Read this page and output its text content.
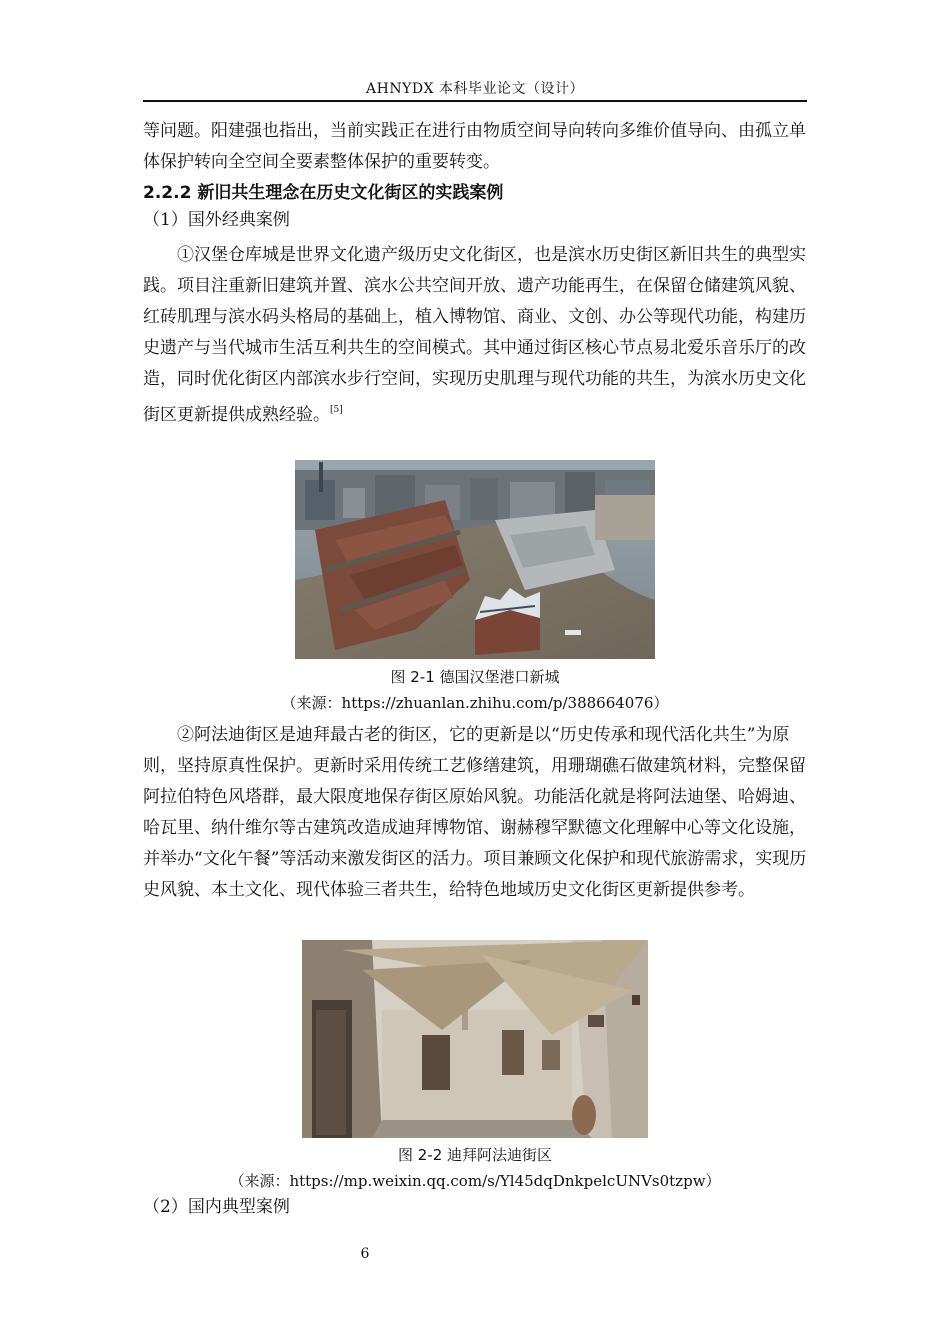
AHNYDX 本科毕业论文（设计）

等问题。阳建强也指出，当前实践正在进行由物质空间导向转向多维价值导向、由孤立单体保护转向全空间全要素整体保护的重要转变。

2.2.2 新旧共生理念在历史文化街区的实践案例
（1）国外经典案例

①汉堡仓库城是世界文化遗产级历史文化街区，也是滨水历史街区新旧共生的典型实践。项目注重新旧建筑并置、滨水公共空间开放、遗产功能再生，在保留仓储建筑风貌、红砖肌理与滨水码头格局的基础上，植入博物馆、商业、文创、办公等现代功能，构建历史遗产与当代城市生活互利共生的空间模式。其中通过街区核心节点易北爱乐音乐厅的改造，同时优化街区内部滨水步行空间，实现历史肌理与现代功能的共生，为滨水历史文化街区更新提供成熟经验。[5]

图 2-1 德国汉堡港口新城
（来源：https://zhuanlan.zhihu.com/p/388664076）

②阿法迪街区是迪拜最古老的街区，它的更新是以“历史传承和现代活化共生”为原则，坚持原真性保护。更新时采用传统工艺修缮建筑，用珊瑚礁石做建筑材料，完整保留阿拉伯特色风塔群，最大限度地保存街区原始风貌。功能活化就是将阿法迪堡、哈姆迪、哈瓦里、纳什维尔等古建筑改造成迪拜博物馆、谢赫穆罕默德文化理解中心等文化设施，并举办“文化午餐”等活动来激发街区的活力。项目兼顾文化保护和现代旅游需求，实现历史风貌、本土文化、现代体验三者共生，给特色地域历史文化街区更新提供参考。

图 2-2 迪拜阿法迪街区
（来源：https://mp.weixin.qq.com/s/Yl45dqDnkpelcUNVs0tzpw）
（2）国内典型案例
6
